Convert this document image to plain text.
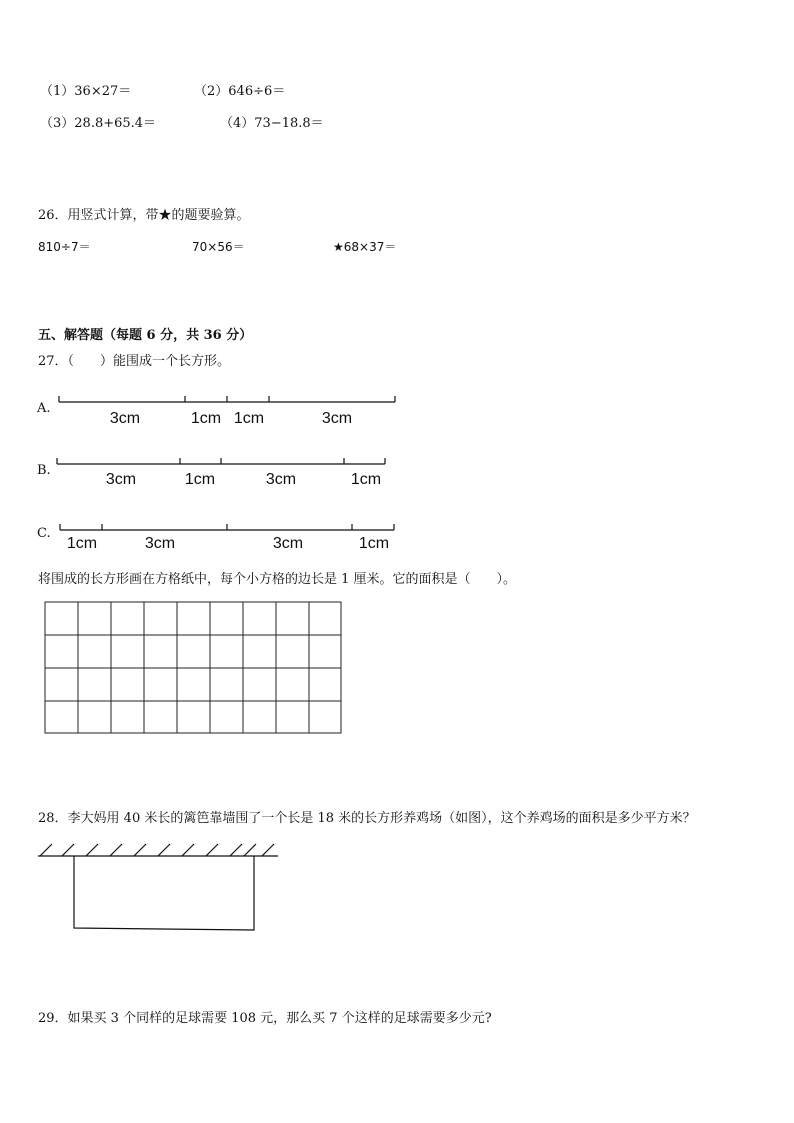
（1）36×27＝	（2）646÷6＝
（3）28.8+65.4＝	（4）73−18.8＝
26．用竖式计算，带★的题要验算。
810÷7＝	70×56＝	★68×37＝
五、解答题（每题 6 分，共 36 分）
27．（　　）能围成一个长方形。
A.
B.
C.
3cm	1cm 1cm	3cm
3cm	1cm	3cm	1cm
1cm	3cm	3cm	1cm
将围成的长方形画在方格纸中，每个小方格的边长是 1 厘米。它的面积是（　　）。
28．李大妈用 40 米长的篱笆靠墙围了一个长是 18 米的长方形养鸡场（如图），这个养鸡场的面积是多少平方米？
29．如果买 3 个同样的足球需要 108 元，那么买 7 个这样的足球需要多少元?
